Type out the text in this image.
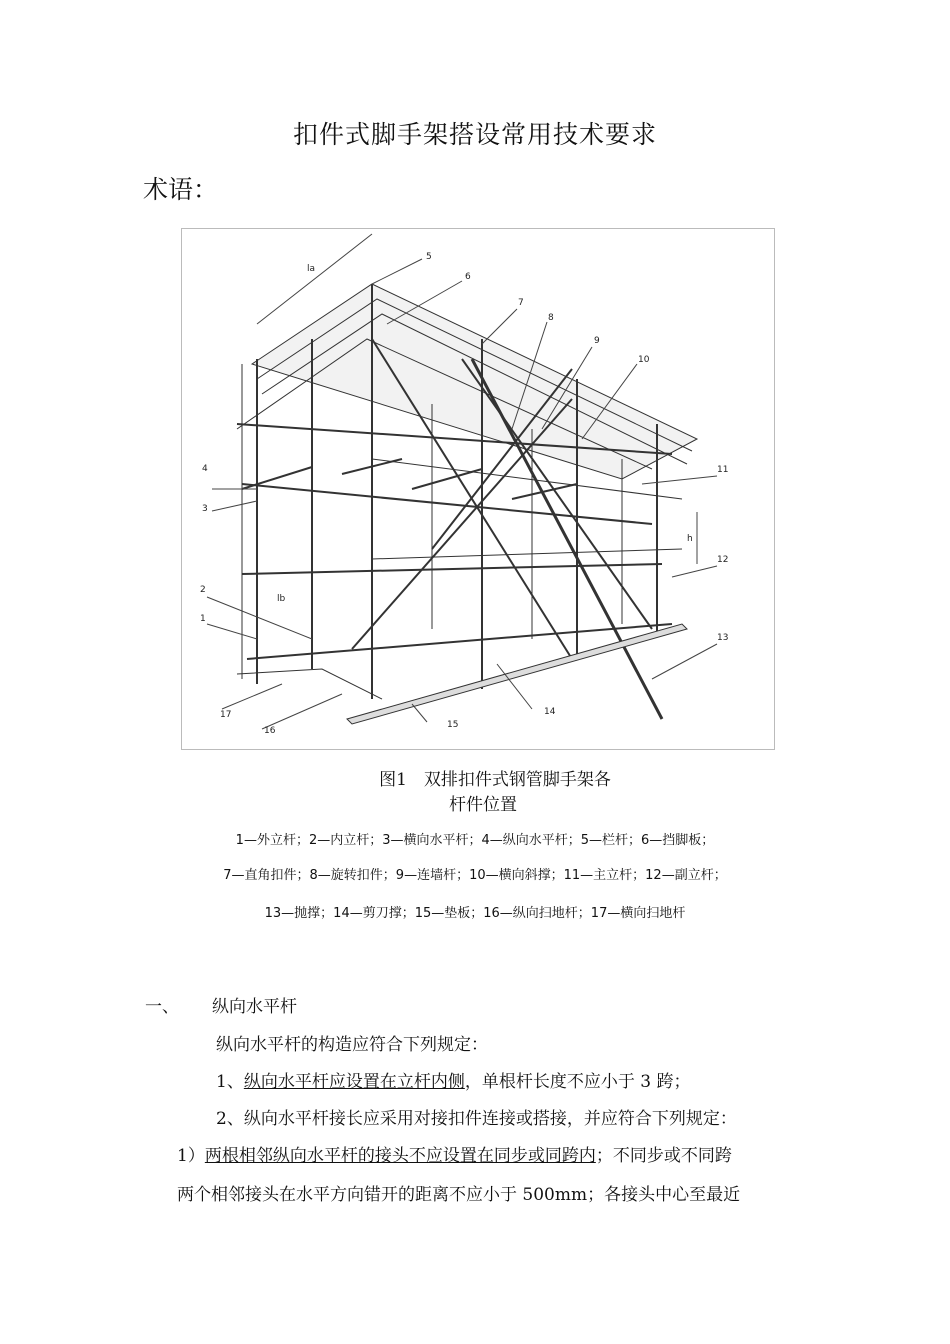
扣件式脚手架搭设常用技术要求
术语：
5
6
7
8
9
10
11
12
13
4
3
2
1
17
16
15
14
la
lb
h
图1　双排扣件式钢管脚手架各
杆件位置
1—外立杆；2—内立杆；3—横向水平杆；4—纵向水平杆；5—栏杆；6—挡脚板；
7—直角扣件；8—旋转扣件；9—连墙杆；10—横向斜撑；11—主立杆；12—副立杆；
13—抛撑；14—剪刀撑；15—垫板；16—纵向扫地杆；17—横向扫地杆
一、 纵向水平杆
纵向水平杆的构造应符合下列规定：
1、纵向水平杆应设置在立杆内侧，单根杆长度不应小于 3 跨；
2、纵向水平杆接长应采用对接扣件连接或搭接，并应符合下列规定：
1）两根相邻纵向水平杆的接头不应设置在同步或同跨内；不同步或不同跨
两个相邻接头在水平方向错开的距离不应小于 500mm；各接头中心至最近
